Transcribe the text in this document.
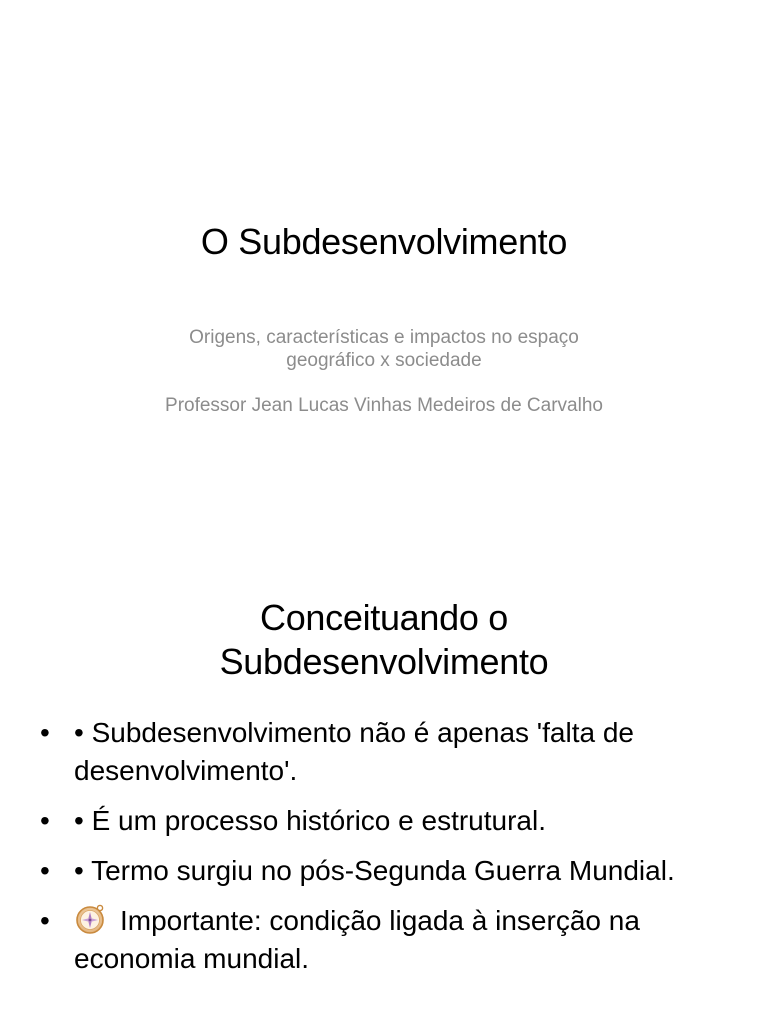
O Subdesenvolvimento

Origens, características e impactos no espaço

geográfico x sociedade

Professor Jean Lucas Vinhas Medeiros de Carvalho

Conceituando o
Subdesenvolvimento
• • Subdesenvolvimento não é apenas 'falta de desenvolvimento'.
• • É um processo histórico e estrutural.
• • Termo surgiu no pós-Segunda Guerra Mundial.
•	Importante: condição ligada à inserção na economia mundial.
